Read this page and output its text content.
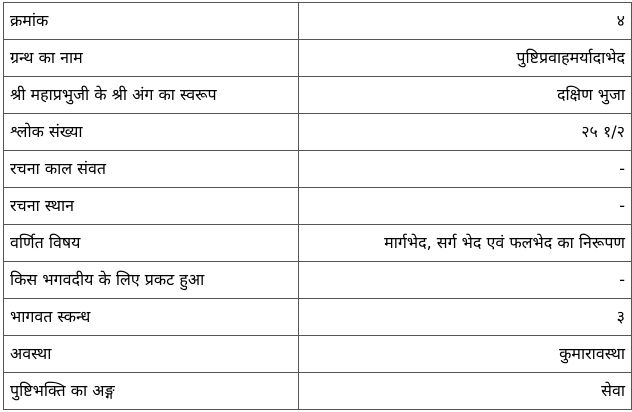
क्रमांक	४
ग्रन्थ का नाम	पुष्टिप्रवाहमर्यादाभेद
श्री महाप्रभुजी के श्री अंग का स्वरूप	दक्षिण भुजा
श्लोक संख्या	२५ १/२
रचना काल संवत	-
रचना स्थान	-
वर्णित विषय	मार्गभेद, सर्ग भेद एवं फलभेद का निरूपण
किस भगवदीय के लिए प्रकट हुआ	-
भागवत स्कन्ध	३
अवस्था	कुमारावस्था
पुष्टिभक्ति का अङ्ग	सेवा
